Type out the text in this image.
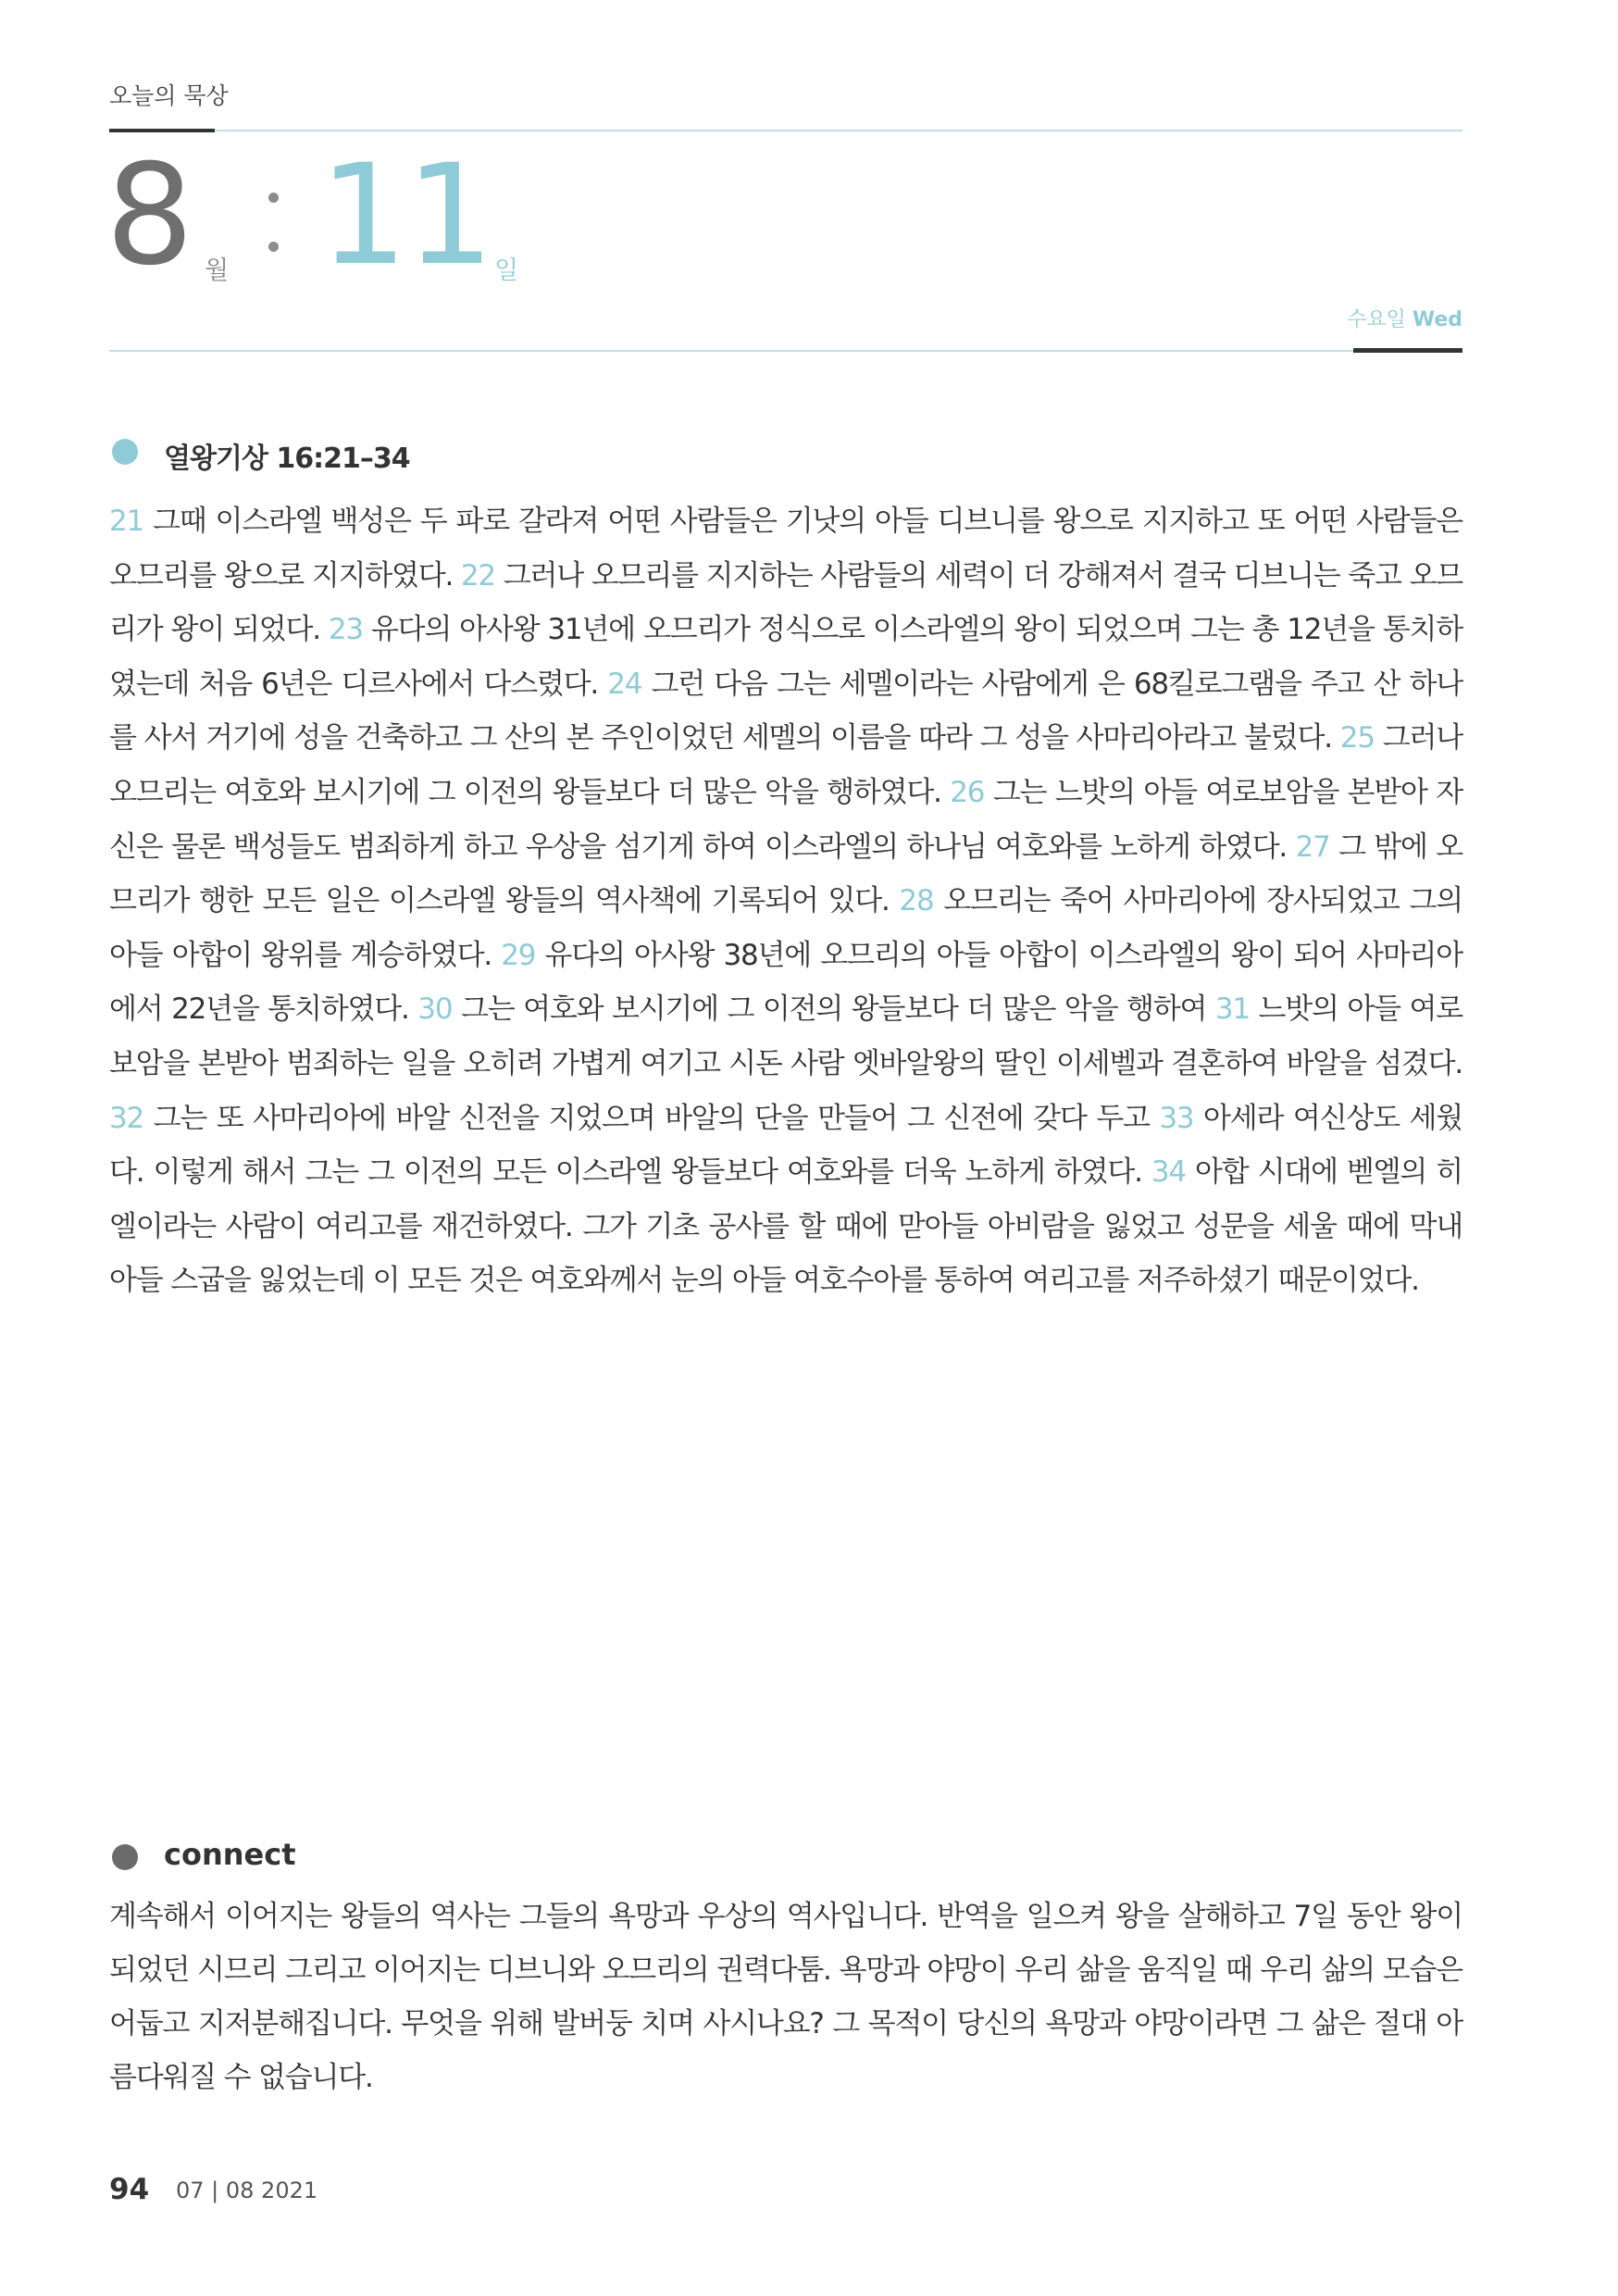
오늘의 묵상
8 월 11 일
수요일 Wed
열왕기상 16:21–34
21 그때 이스라엘 백성은 두 파로 갈라져 어떤 사람들은 기낫의 아들 디브니를 왕으로 지지하고 또 어떤 사람들은 오므리를 왕으로 지지하였다. 22 그러나 오므리를 지지하는 사람들의 세력이 더 강해져서 결국 디브니는 죽고 오므리가 왕이 되었다. 23 유다의 아사왕 31년에 오므리가 정식으로 이스라엘의 왕이 되었으며 그는 총 12년을 통치하였는데 처음 6년은 디르사에서 다스렸다. 24 그런 다음 그는 세멜이라는 사람에게 은 68킬로그램을 주고 산 하나를 사서 거기에 성을 건축하고 그 산의 본 주인이었던 세멜의 이름을 따라 그 성을 사마리아라고 불렀다. 25 그러나 오므리는 여호와 보시기에 그 이전의 왕들보다 더 많은 악을 행하였다. 26 그는 느밧의 아들 여로보암을 본받아 자신은 물론 백성들도 범죄하게 하고 우상을 섬기게 하여 이스라엘의 하나님 여호와를 노하게 하였다. 27 그 밖에 오므리가 행한 모든 일은 이스라엘 왕들의 역사책에 기록되어 있다. 28 오므리는 죽어 사마리아에 장사되었고 그의 아들 아합이 왕위를 계승하였다. 29 유다의 아사왕 38년에 오므리의 아들 아합이 이스라엘의 왕이 되어 사마리아에서 22년을 통치하였다. 30 그는 여호와 보시기에 그 이전의 왕들보다 더 많은 악을 행하여 31 느밧의 아들 여로보암을 본받아 범죄하는 일을 오히려 가볍게 여기고 시돈 사람 엣바알왕의 딸인 이세벨과 결혼하여 바알을 섬겼다. 32 그는 또 사마리아에 바알 신전을 지었으며 바알의 단을 만들어 그 신전에 갖다 두고 33 아세라 여신상도 세웠다. 이렇게 해서 그는 그 이전의 모든 이스라엘 왕들보다 여호와를 더욱 노하게 하였다. 34 아합 시대에 벧엘의 히엘이라는 사람이 여리고를 재건하였다. 그가 기초 공사를 할 때에 맏아들 아비람을 잃었고 성문을 세울 때에 막내 아들 스굽을 잃었는데 이 모든 것은 여호와께서 눈의 아들 여호수아를 통하여 여리고를 저주하셨기 때문이었다.
connect
계속해서 이어지는 왕들의 역사는 그들의 욕망과 우상의 역사입니다. 반역을 일으켜 왕을 살해하고 7일 동안 왕이 되었던 시므리 그리고 이어지는 디브니와 오므리의 권력다툼. 욕망과 야망이 우리 삶을 움직일 때 우리 삶의 모습은 어둡고 지저분해집니다. 무엇을 위해 발버둥 치며 사시나요? 그 목적이 당신의 욕망과 야망이라면 그 삶은 절대 아름다워질 수 없습니다.
94 07 | 08 2021
